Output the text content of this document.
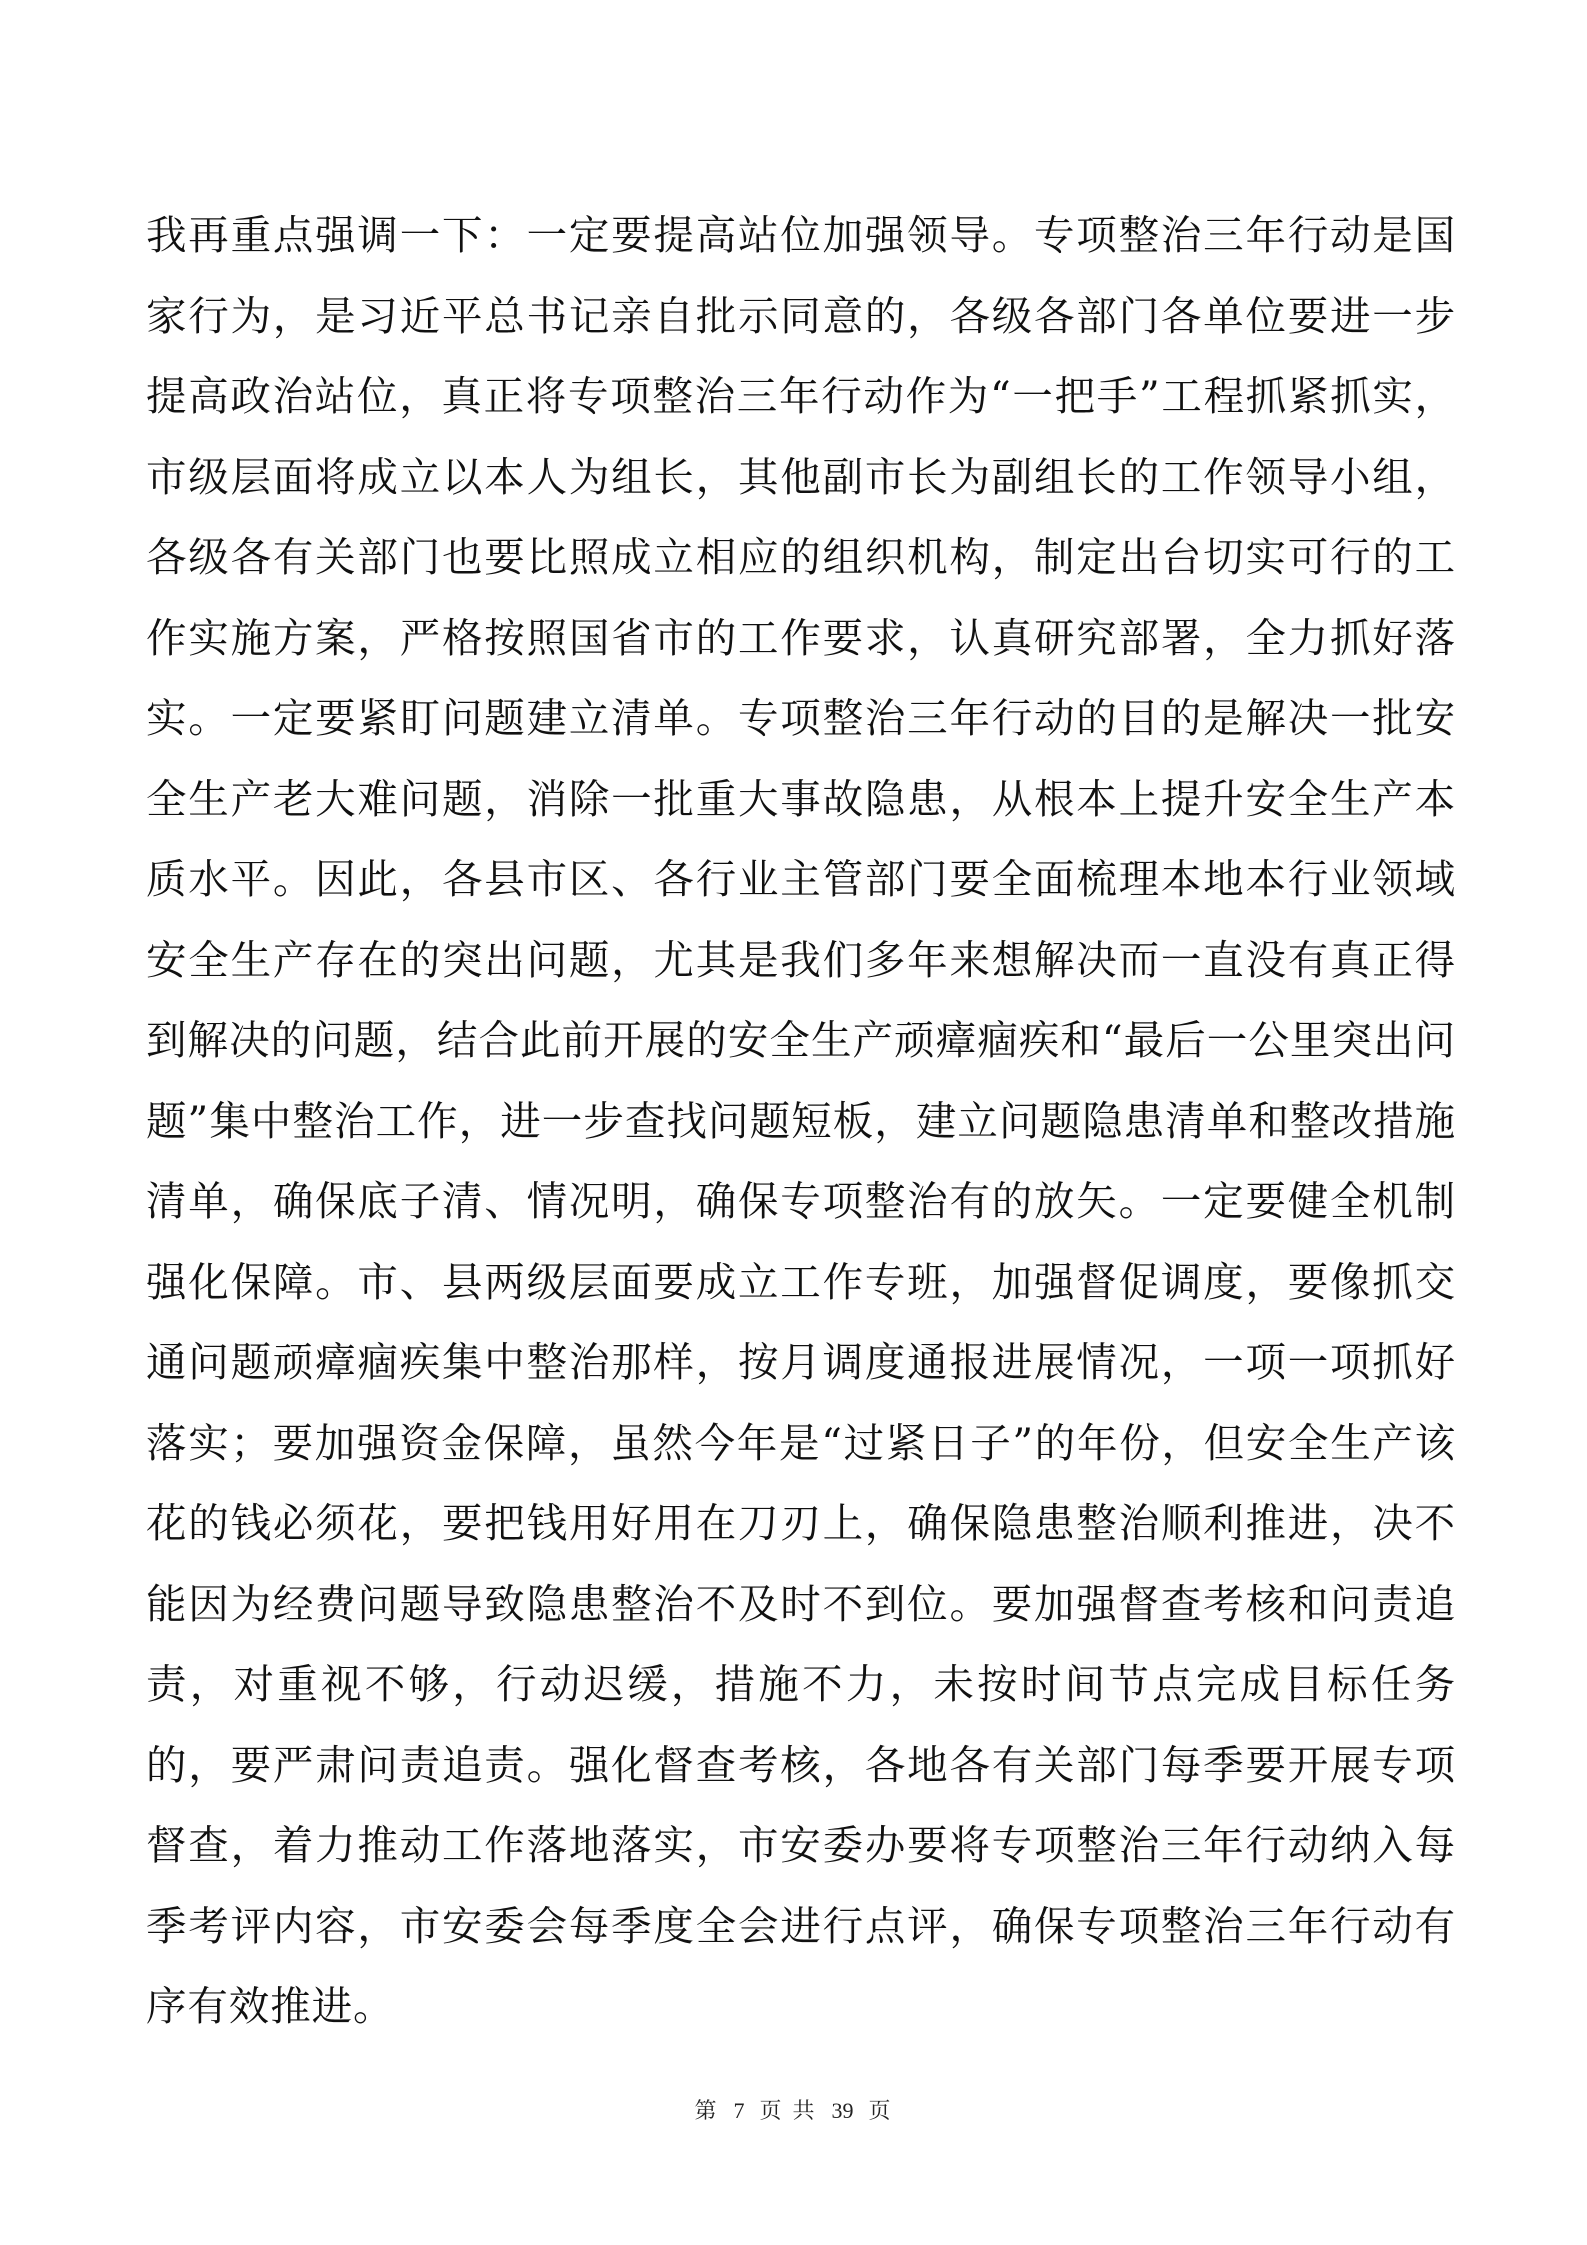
我再重点强调一下：一定要提高站位加强领导。专项整治三年行动是国家行为，是习近平总书记亲自批示同意的，各级各部门各单位要进一步提高政治站位，真正将专项整治三年行动作为“一把手”工程抓紧抓实，市级层面将成立以本人为组长，其他副市长为副组长的工作领导小组，各级各有关部门也要比照成立相应的组织机构，制定出台切实可行的工作实施方案，严格按照国省市的工作要求，认真研究部署，全力抓好落实。一定要紧盯问题建立清单。专项整治三年行动的目的是解决一批安全生产老大难问题，消除一批重大事故隐患，从根本上提升安全生产本质水平。因此，各县市区、各行业主管部门要全面梳理本地本行业领域安全生产存在的突出问题，尤其是我们多年来想解决而一直没有真正得到解决的问题，结合此前开展的安全生产顽瘴痼疾和“最后一公里突出问题”集中整治工作，进一步查找问题短板，建立问题隐患清单和整改措施清单，确保底子清、情况明，确保专项整治有的放矢。一定要健全机制强化保障。市、县两级层面要成立工作专班，加强督促调度，要像抓交通问题顽瘴痼疾集中整治那样，按月调度通报进展情况，一项一项抓好落实；要加强资金保障，虽然今年是“过紧日子”的年份，但安全生产该花的钱必须花，要把钱用好用在刀刃上，确保隐患整治顺利推进，决不能因为经费问题导致隐患整治不及时不到位。要加强督查考核和问责追责，对重视不够，行动迟缓，措施不力，未按时间节点完成目标任务的，要严肃问责追责。强化督查考核，各地各有关部门每季要开展专项督查，着力推动工作落地落实，市安委办要将专项整治三年行动纳入每季考评内容，市安委会每季度全会进行点评，确保专项整治三年行动有序有效推进。

第 7 页 共 39 页
